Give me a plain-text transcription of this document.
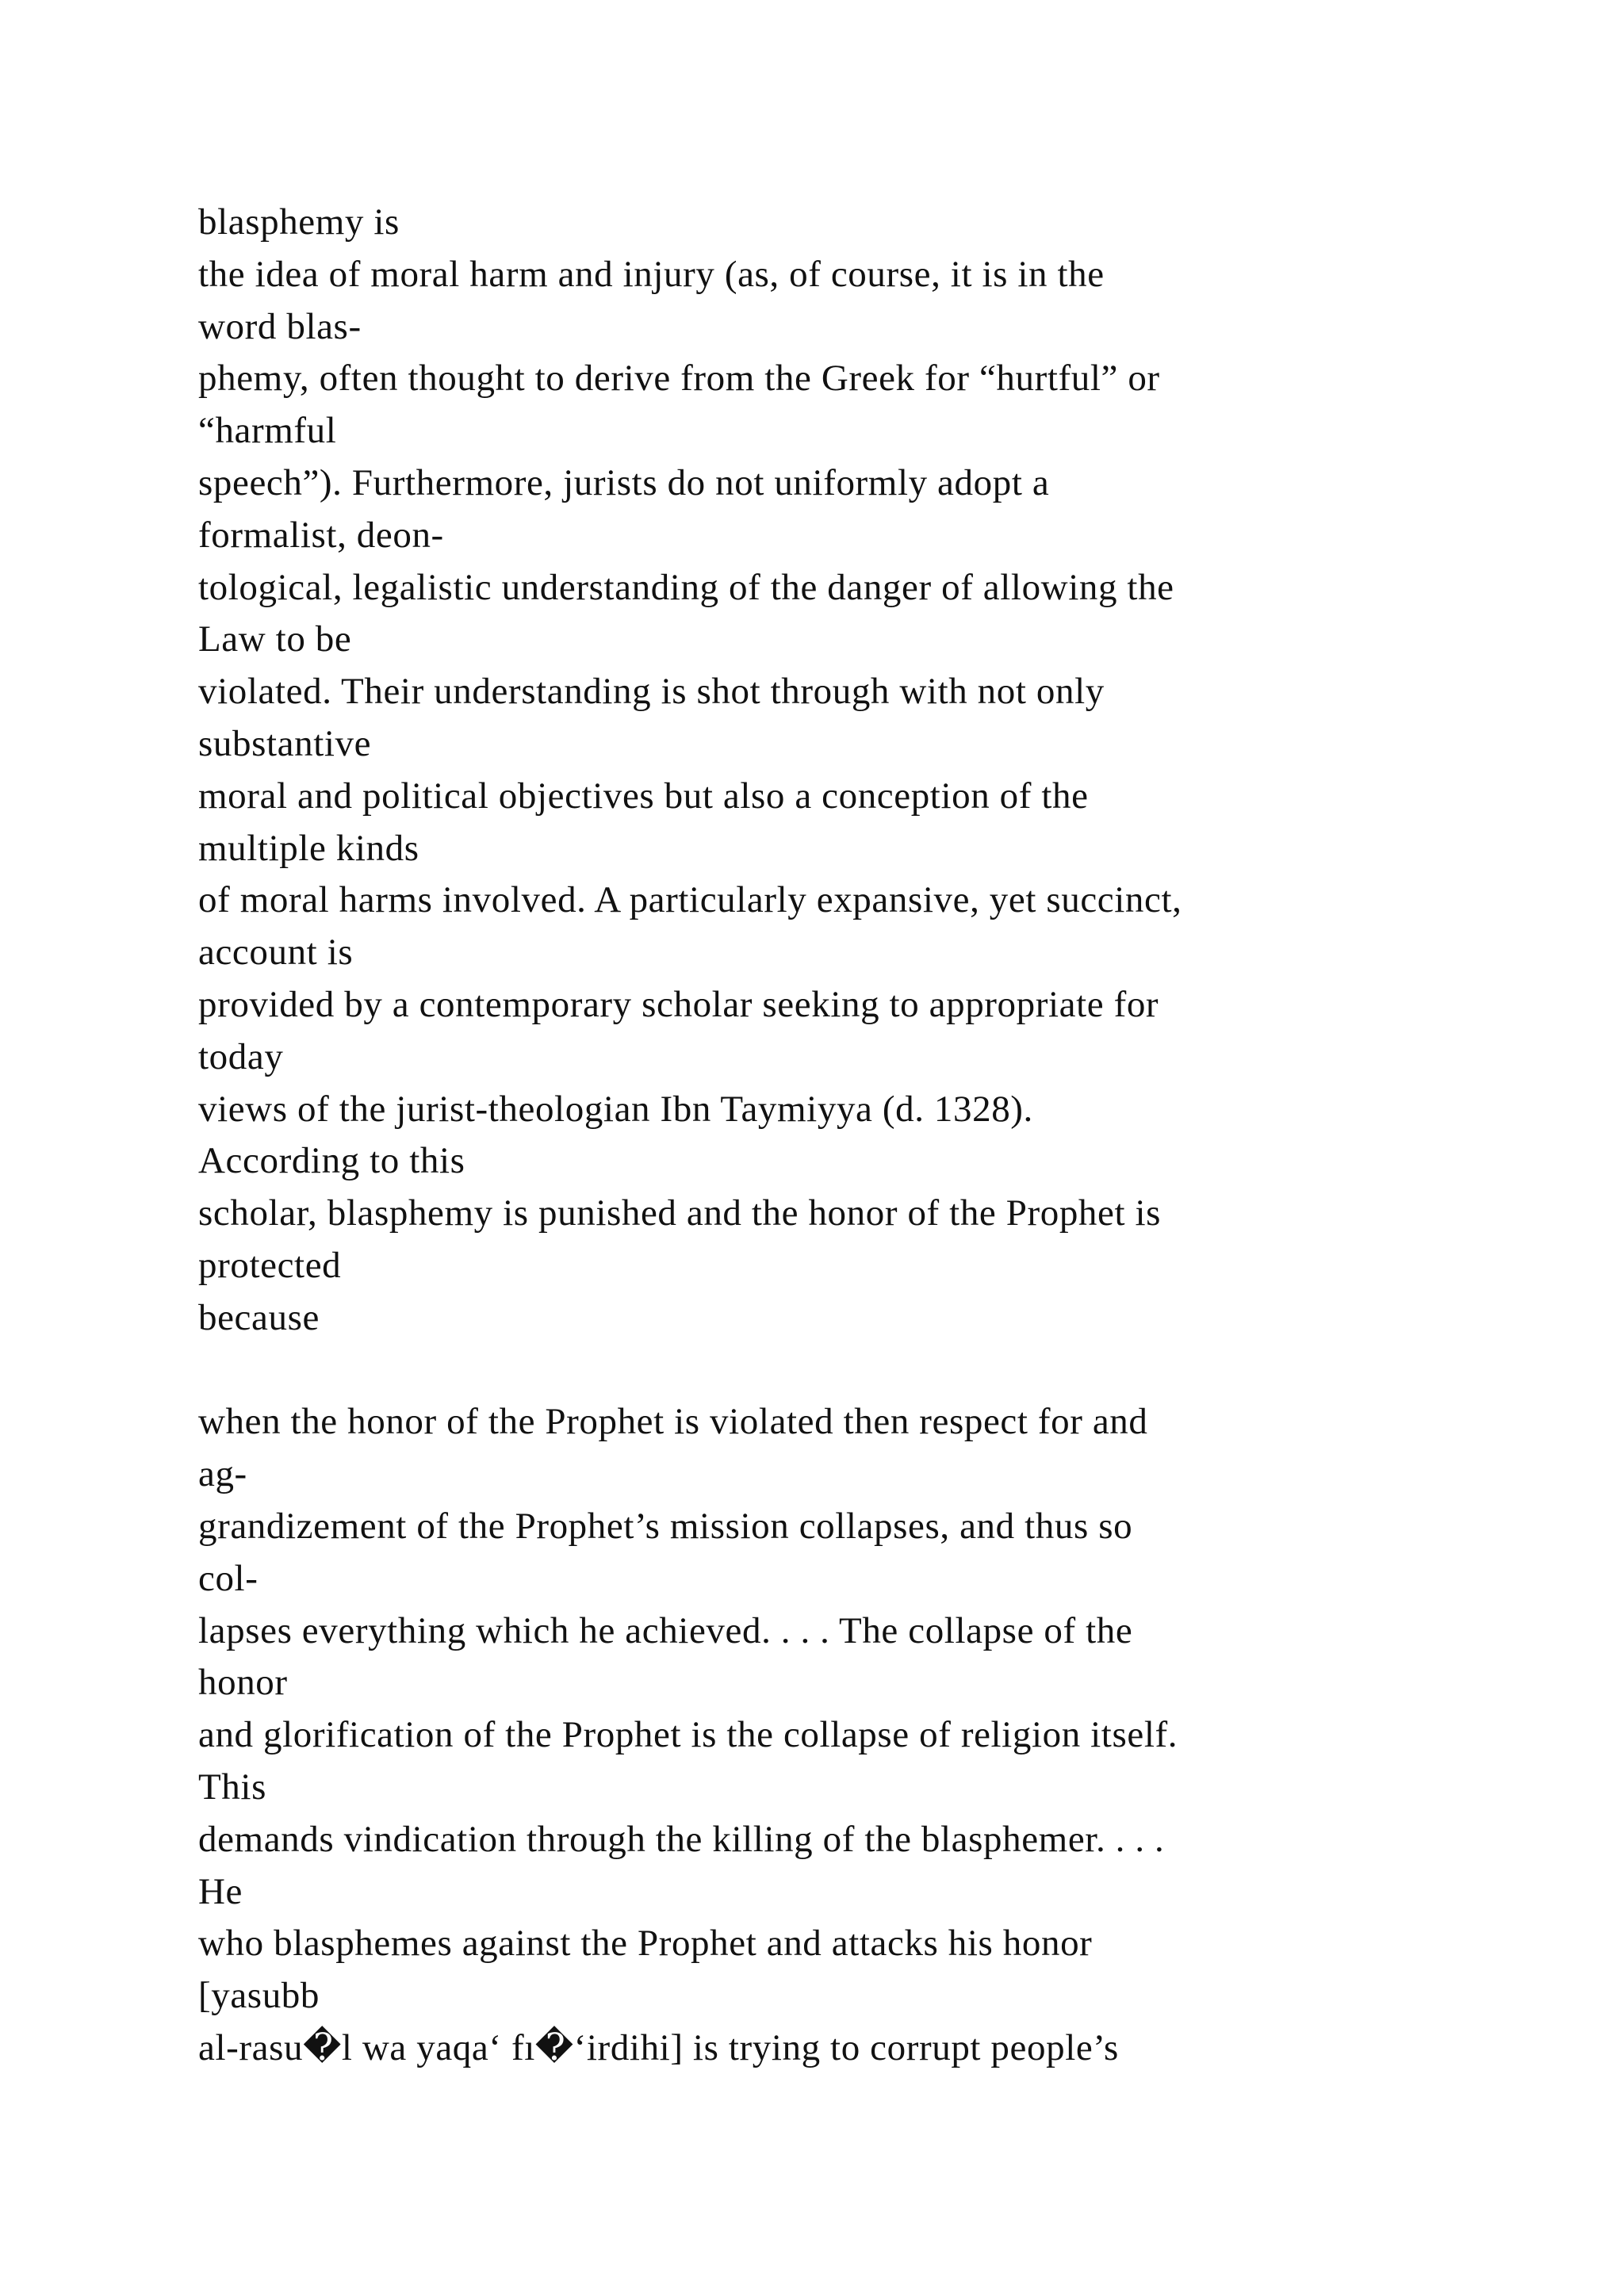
blasphemy is
the idea of moral harm and injury (as, of course, it is in the
word blas-
phemy, often thought to derive from the Greek for “hurtful” or
“harmful
speech”). Furthermore, jurists do not uniformly adopt a
formalist, deon-
tological, legalistic understanding of the danger of allowing the
Law to be
violated. Their understanding is shot through with not only
substantive
moral and political objectives but also a conception of the
multiple kinds
of moral harms involved. A particularly expansive, yet succinct,
account is
provided by a contemporary scholar seeking to appropriate for
today
views of the jurist-theologian Ibn Taymiyya (d. 1328).
According to this
scholar, blasphemy is punished and the honor of the Prophet is
protected
because
when the honor of the Prophet is violated then respect for and
ag-
grandizement of the Prophet’s mission collapses, and thus so
col-
lapses everything which he achieved. . . . The collapse of the
honor
and glorification of the Prophet is the collapse of religion itself.
This
demands vindication through the killing of the blasphemer. . . .
He
who blasphemes against the Prophet and attacks his honor
[yasubb
al-rasu�l wa yaqa‘ fı�‘irdihi] is trying to corrupt people’s
